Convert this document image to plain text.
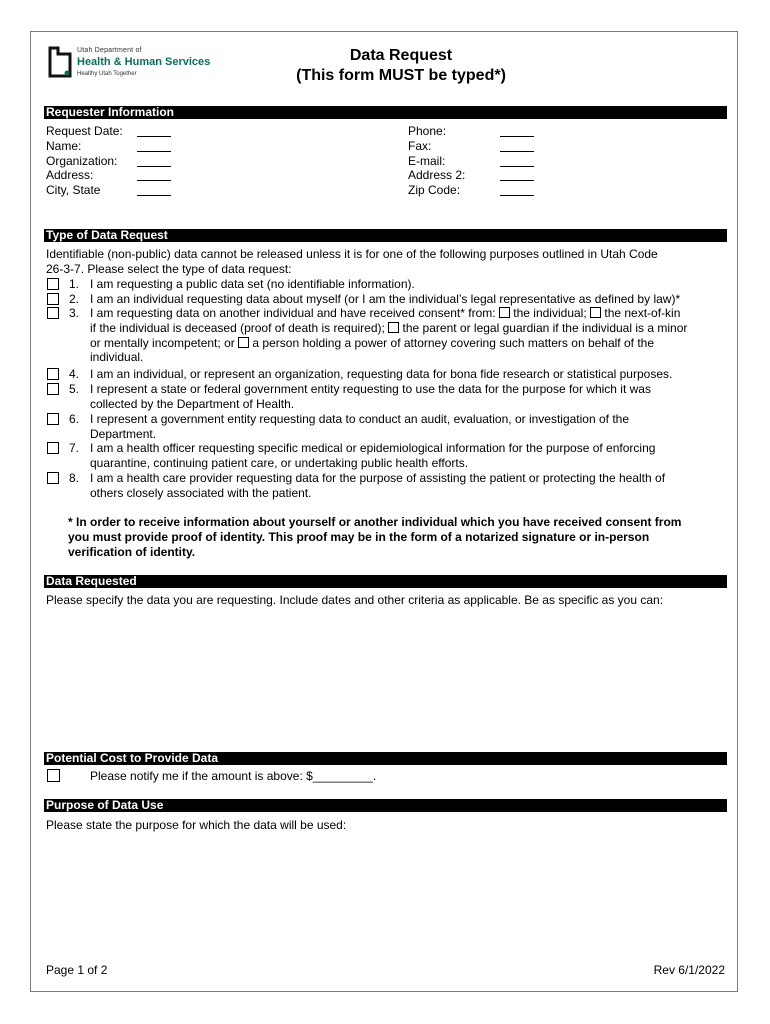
Utah Department of
Health & Human Services
Healthy Utah Together
Data Request
(This form MUST be typed*)
Requester Information
Request Date:
Name:
Organization:
Address:
City, State
Phone:
Fax:
E-mail:
Address 2:
Zip Code:
Type of Data Request
Identifiable (non-public) data cannot be released unless it is for one of the following purposes outlined in Utah Code
26-3-7. Please select the type of data request:
1. I am requesting a public data set (no identifiable information).
2. I am an individual requesting data about myself (or I am the individual’s legal representative as defined by law)*
3. I am requesting data on another individual and have received consent* from: the individual; the next-of-kin
if the individual is deceased (proof of death is required); the parent or legal guardian if the individual is a minor
or mentally incompetent; or a person holding a power of attorney covering such matters on behalf of the
individual.
4. I am an individual, or represent an organization, requesting data for bona fide research or statistical purposes.
5. I represent a state or federal government entity requesting to use the data for the purpose for which it was
collected by the Department of Health.
6. I represent a government entity requesting data to conduct an audit, evaluation, or investigation of the
Department.
7. I am a health officer requesting specific medical or epidemiological information for the purpose of enforcing
quarantine, continuing patient care, or undertaking public health efforts.
8. I am a health care provider requesting data for the purpose of assisting the patient or protecting the health of
others closely associated with the patient.
* In order to receive information about yourself or another individual which you have received consent from
you must provide proof of identity. This proof may be in the form of a notarized signature or in-person
verification of identity.
Data Requested
Please specify the data you are requesting. Include dates and other criteria as applicable. Be as specific as you can:
Potential Cost to Provide Data
Please notify me if the amount is above: $_________.
Purpose of Data Use
Please state the purpose for which the data will be used:
Page 1 of 2	Rev 6/1/2022
